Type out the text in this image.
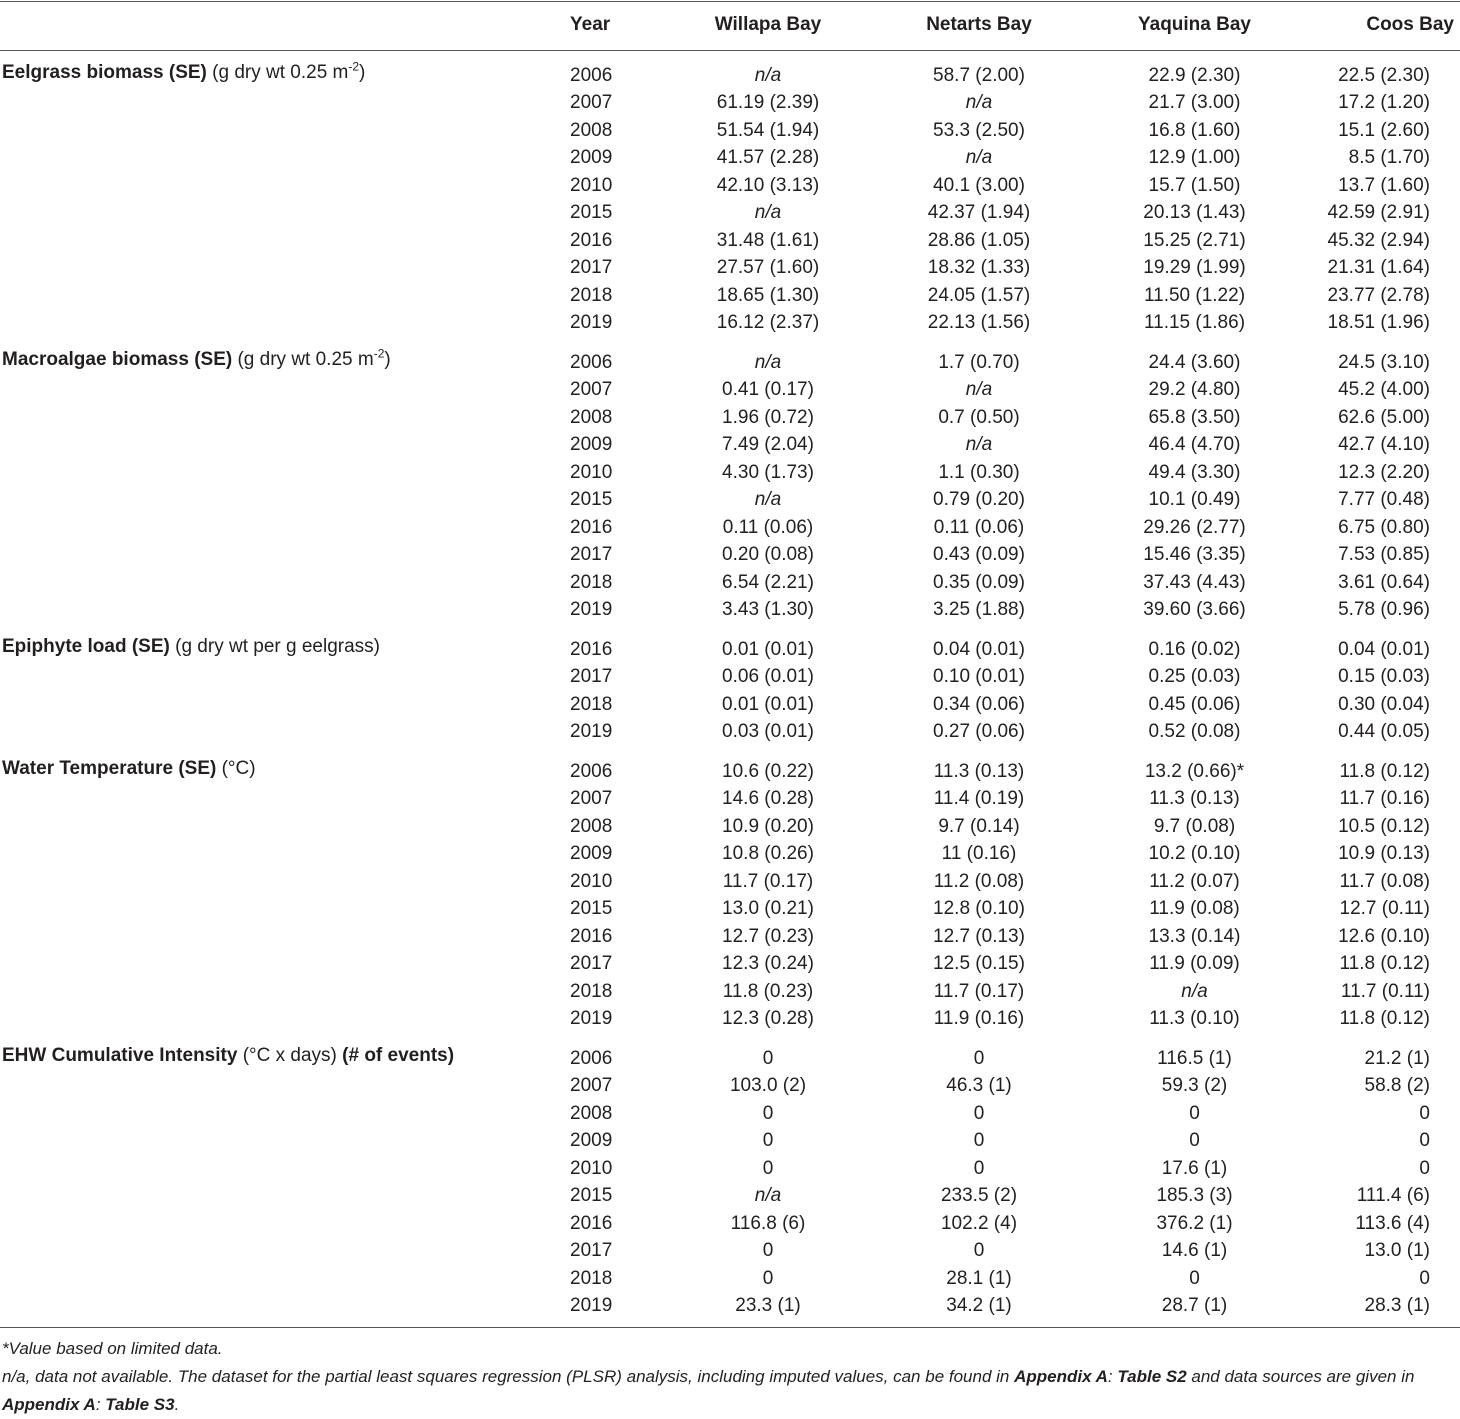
	Year	Willapa Bay	Netarts Bay	Yaquina Bay	Coos Bay
Eelgrass biomass (SE) (g dry wt 0.25 $m^{-2}$)	2006	n/a	58.7 (2.00)	22.9 (2.30)	22.5 (2.30)
	2007	61.19 (2.39)	n/a	21.7 (3.00)	17.2 (1.20)
	2008	51.54 (1.94)	53.3 (2.50)	16.8 (1.60)	15.1 (2.60)
	2009	41.57 (2.28)	n/a	12.9 (1.00)	8.5 (1.70)
	2010	42.10 (3.13)	40.1 (3.00)	15.7 (1.50)	13.7 (1.60)
	2015	n/a	42.37 (1.94)	20.13 (1.43)	42.59 (2.91)
	2016	31.48 (1.61)	28.86 (1.05)	15.25 (2.71)	45.32 (2.94)
	2017	27.57 (1.60)	18.32 (1.33)	19.29 (1.99)	21.31 (1.64)
	2018	18.65 (1.30)	24.05 (1.57)	11.50 (1.22)	23.77 (2.78)
	2019	16.12 (2.37)	22.13 (1.56)	11.15 (1.86)	18.51 (1.96)
Macroalgae biomass (SE) (g dry wt 0.25 $m^{-2}$)	2006	n/a	1.7 (0.70)	24.4 (3.60)	24.5 (3.10)
	2007	0.41 (0.17)	n/a	29.2 (4.80)	45.2 (4.00)
	2008	1.96 (0.72)	0.7 (0.50)	65.8 (3.50)	62.6 (5.00)
	2009	7.49 (2.04)	n/a	46.4 (4.70)	42.7 (4.10)
	2010	4.30 (1.73)	1.1 (0.30)	49.4 (3.30)	12.3 (2.20)
	2015	n/a	0.79 (0.20)	10.1 (0.49)	7.77 (0.48)
	2016	0.11 (0.06)	0.11 (0.06)	29.26 (2.77)	6.75 (0.80)
	2017	0.20 (0.08)	0.43 (0.09)	15.46 (3.35)	7.53 (0.85)
	2018	6.54 (2.21)	0.35 (0.09)	37.43 (4.43)	3.61 (0.64)
	2019	3.43 (1.30)	3.25 (1.88)	39.60 (3.66)	5.78 (0.96)
Epiphyte load (SE) (g dry wt per g eelgrass)	2016	0.01 (0.01)	0.04 (0.01)	0.16 (0.02)	0.04 (0.01)
	2017	0.06 (0.01)	0.10 (0.01)	0.25 (0.03)	0.15 (0.03)
	2018	0.01 (0.01)	0.34 (0.06)	0.45 (0.06)	0.30 (0.04)
	2019	0.03 (0.01)	0.27 (0.06)	0.52 (0.08)	0.44 (0.05)
Water Temperature (SE) (°C)	2006	10.6 (0.22)	11.3 (0.13)	13.2 (0.66)*	11.8 (0.12)
	2007	14.6 (0.28)	11.4 (0.19)	11.3 (0.13)	11.7 (0.16)
	2008	10.9 (0.20)	9.7 (0.14)	9.7 (0.08)	10.5 (0.12)
	2009	10.8 (0.26)	11 (0.16)	10.2 (0.10)	10.9 (0.13)
	2010	11.7 (0.17)	11.2 (0.08)	11.2 (0.07)	11.7 (0.08)
	2015	13.0 (0.21)	12.8 (0.10)	11.9 (0.08)	12.7 (0.11)
	2016	12.7 (0.23)	12.7 (0.13)	13.3 (0.14)	12.6 (0.10)
	2017	12.3 (0.24)	12.5 (0.15)	11.9 (0.09)	11.8 (0.12)
	2018	11.8 (0.23)	11.7 (0.17)	n/a	11.7 (0.11)
	2019	12.3 (0.28)	11.9 (0.16)	11.3 (0.10)	11.8 (0.12)
EHW Cumulative Intensity (°C x days) (# of events)	2006	0	0	116.5 (1)	21.2 (1)
	2007	103.0 (2)	46.3 (1)	59.3 (2)	58.8 (2)
	2008	0	0	0	0
	2009	0	0	0	0
	2010	0	0	17.6 (1)	0
	2015	n/a	233.5 (2)	185.3 (3)	111.4 (6)
	2016	116.8 (6)	102.2 (4)	376.2 (1)	113.6 (4)
	2017	0	0	14.6 (1)	13.0 (1)
	2018	0	28.1 (1)	0	0
	2019	23.3 (1)	34.2 (1)	28.7 (1)	28.3 (1)
*Value based on limited data.
n/a, data not available. The dataset for the partial least squares regression (PLSR) analysis, including imputed values, can be found in Appendix A: Table S2 and data sources are given in Appendix A: Table S3.
